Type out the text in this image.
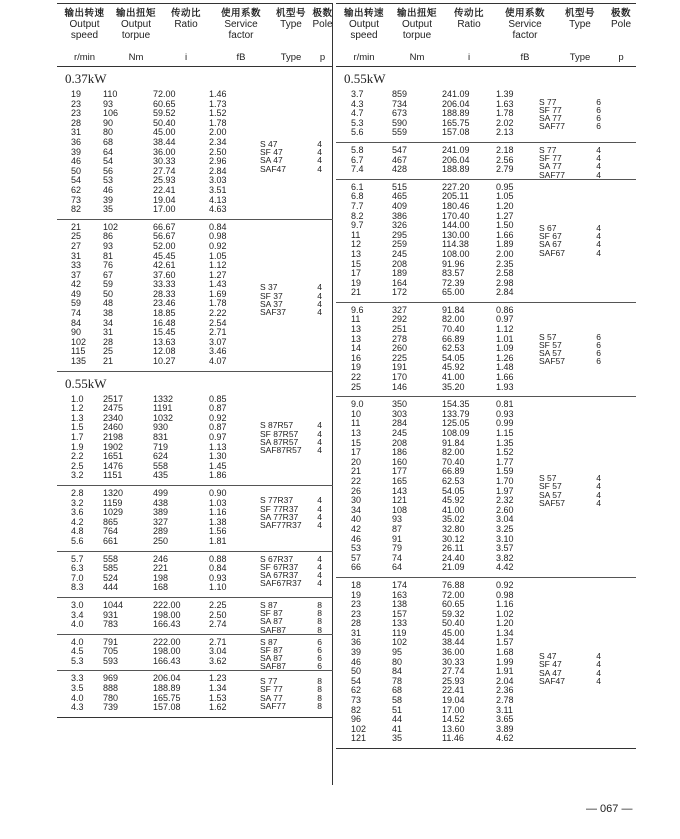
输出转速
Output
speed
输出扭矩
Output
torpue
传动比
Ratio
使用系数
Service
factor
机型号
Type
极数
Pole
r/min	Nm	i	fB	Type	p
0.37kW
19	110	72.00	1.46
23	93	60.65	1.73
23	106	59.52	1.52
28	90	50.40	1.78
31	80	45.00	2.00
36	68	38.44	2.34
39	64	36.00	2.50
46	54	30.33	2.96
50	56	27.74	2.84
54	53	25.93	3.03
62	46	22.41	3.51
73	39	19.04	4.13
82	35	17.00	4.63
S 47	4
SF 47	4
SA 47	4
SAF47	4
21	102	66.67	0.84
25	86	56.67	0.98
27	93	52.00	0.92
31	81	45.45	1.05
33	76	42.61	1.12
37	67	37.60	1.27
42	59	33.33	1.43
49	50	28.33	1.69
59	48	23.46	1.78
74	38	18.85	2.22
84	34	16.48	2.54
90	31	15.45	2.71
102	28	13.63	3.07
115	25	12.08	3.46
135	21	10.27	4.07
S 37	4
SF 37	4
SA 37	4
SAF37	4
0.55kW
1.0	2517	1332	0.85
1.2	2475	1191	0.87
1.3	2340	1032	0.92
1.5	2460	930	0.87
1.7	2198	831	0.97
1.9	1902	719	1.13
2.2	1651	624	1.30
2.5	1476	558	1.45
3.2	1151	435	1.86
S 87R57	4
SF 87R57	4
SA 87R57	4
SAF87R57	4
2.8	1320	499	0.90
3.2	1159	438	1.03
3.6	1029	389	1.16
4.2	865	327	1.38
4.8	764	289	1.56
5.6	661	250	1.81
S 77R37	4
SF 77R37	4
SA 77R37	4
SAF77R37	4
5.7	558	246	0.88
6.3	585	221	0.84
7.0	524	198	0.93
8.3	444	168	1.10
S 67R37	4
SF 67R37	4
SA 67R37	4
SAF67R37	4
3.0	1044	222.00	2.25
3.4	931	198.00	2.50
4.0	783	166.43	2.74
S 87	8
SF 87	8
SA 87	8
SAF87	8
4.0	791	222.00	2.71
4.5	705	198.00	3.04
5.3	593	166.43	3.62
S 87	6
SF 87	6
SA 87	6
SAF87	6
3.3	969	206.04	1.23
3.5	888	188.89	1.34
4.0	780	165.75	1.53
4.3	739	157.08	1.62
S 77	8
SF 77	8
SA 77	8
SAF77	8
输出转速
Output
speed
输出扭矩
Output
torpue
传动比
Ratio
使用系数
Service
factor
机型号
Type
极数
Pole
r/min	Nm	i	fB	Type	p
0.55kW
3.7	859	241.09	1.39
4.3	734	206.04	1.63
4.7	673	188.89	1.78
5.3	590	165.75	2.02
5.6	559	157.08	2.13
S 77	6
SF 77	6
SA 77	6
SAF77	6
5.8	547	241.09	2.18
6.7	467	206.04	2.56
7.4	428	188.89	2.79
S 77	4
SF 77	4
SA 77	4
SAF77	4
6.1	515	227.20	0.95
6.8	465	205.11	1.05
7.7	409	180.46	1.20
8.2	386	170.40	1.27
9.7	326	144.00	1.50
11	295	130.00	1.66
12	259	114.38	1.89
13	245	108.00	2.00
15	208	91.96	2.35
17	189	83.57	2.58
19	164	72.39	2.98
21	172	65.00	2.84
S 67	4
SF 67	4
SA 67	4
SAF67	4
9.6	327	91.84	0.86
11	292	82.00	0.97
13	251	70.40	1.12
13	278	66.89	1.01
14	260	62.53	1.09
16	225	54.05	1.26
19	191	45.92	1.48
22	170	41.00	1.66
25	146	35.20	1.93
S 57	6
SF 57	6
SA 57	6
SAF57	6
9.0	350	154.35	0.81
10	303	133.79	0.93
11	284	125.05	0.99
13	245	108.09	1.15
15	208	91.84	1.35
17	186	82.00	1.52
20	160	70.40	1.77
21	177	66.89	1.59
22	165	62.53	1.70
26	143	54.05	1.97
30	121	45.92	2.32
34	108	41.00	2.60
40	93	35.02	3.04
42	87	32.80	3.25
46	91	30.12	3.10
53	79	26.11	3.57
57	74	24.40	3.82
66	64	21.09	4.42
S 57	4
SF 57	4
SA 57	4
SAF57	4
18	174	76.88	0.92
19	163	72.00	0.98
23	138	60.65	1.16
23	157	59.32	1.02
28	133	50.40	1.20
31	119	45.00	1.34
36	102	38.44	1.57
39	95	36.00	1.68
46	80	30.33	1.99
50	84	27.74	1.91
54	78	25.93	2.04
62	68	22.41	2.36
73	58	19.04	2.78
82	51	17.00	3.11
96	44	14.52	3.65
102	41	13.60	3.89
121	35	11.46	4.62
S 47	4
SF 47	4
SA 47	4
SAF47	4
— 067 —
